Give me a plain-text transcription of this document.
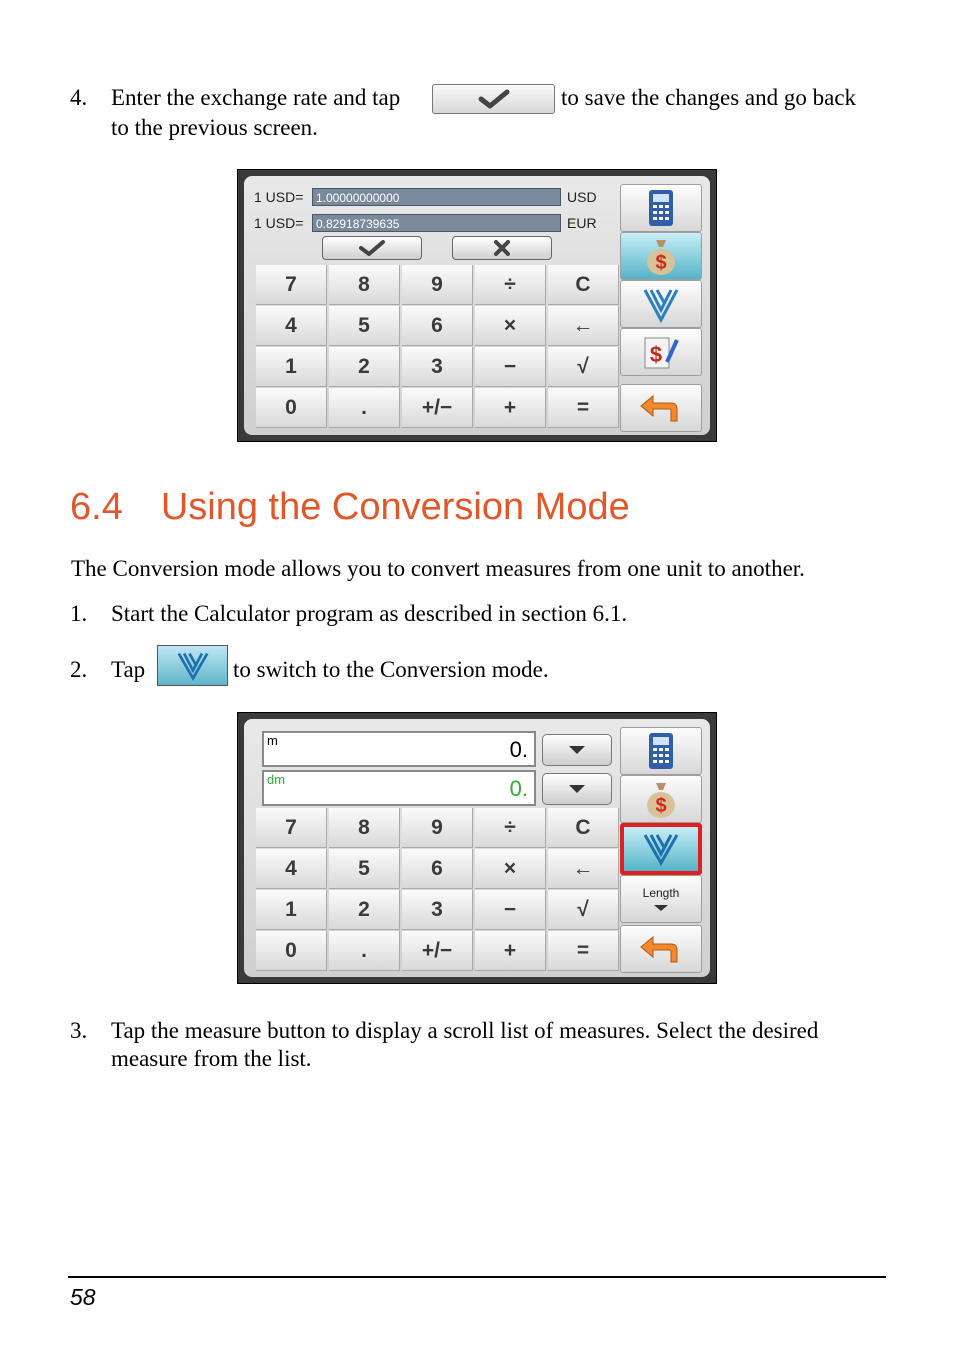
4. Enter the exchange rate and tap	to save the changes and go back
to the previous screen.
1 USD=	1.00000000000	USD
1 USD=	0.82918739635	EUR
7	8	9	÷	C
4	5	6	×	←
1	2	3	−	√
0	.	+/−	+	=
$
$
6.4 Using the Conversion Mode
The Conversion mode allows you to convert measures from one unit to another.
1. Start the Calculator program as described in section 6.1.
2. Tap	to switch to the Conversion mode.
m	0.
dm	0.
7	8	9	÷	C
4	5	6	×	←
1	2	3	−	√
0	.	+/−	+	=
$
Length
3. Tap the measure button to display a scroll list of measures. Select the desired
measure from the list.
58
